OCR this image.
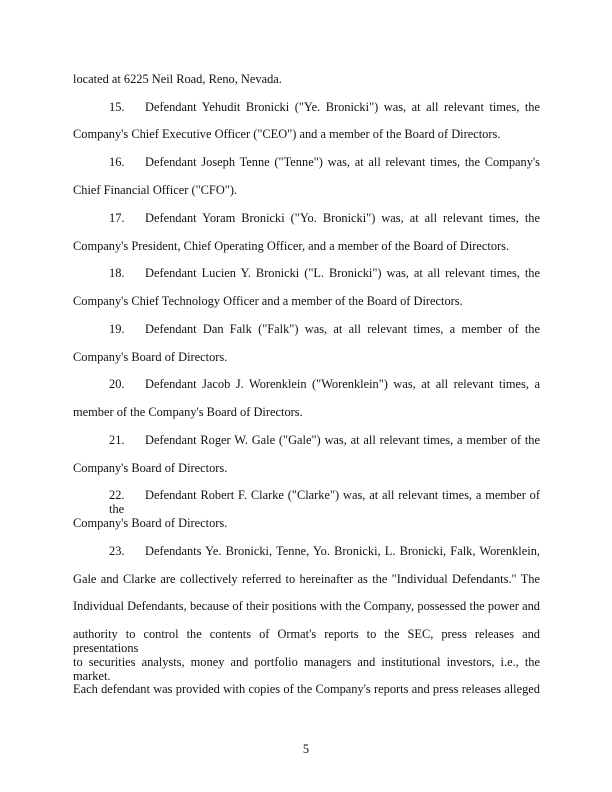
located at 6225 Neil Road, Reno, Nevada.
15. Defendant Yehudit Bronicki ("Ye. Bronicki") was, at all relevant times, the
Company's Chief Executive Officer ("CEO") and a member of the Board of Directors.
16. Defendant Joseph Tenne ("Tenne") was, at all relevant times, the Company's
Chief Financial Officer ("CFO").
17. Defendant Yoram Bronicki ("Yo. Bronicki") was, at all relevant times, the
Company's President, Chief Operating Officer, and a member of the Board of Directors.
18. Defendant Lucien Y. Bronicki ("L. Bronicki") was, at all relevant times, the
Company's Chief Technology Officer and a member of the Board of Directors.
19. Defendant Dan Falk ("Falk") was, at all relevant times, a member of the
Company's Board of Directors.
20. Defendant Jacob J. Worenklein ("Worenklein") was, at all relevant times, a
member of the Company's Board of Directors.
21. Defendant Roger W. Gale ("Gale") was, at all relevant times, a member of the
Company's Board of Directors.
22. Defendant Robert F. Clarke ("Clarke") was, at all relevant times, a member of the
Company's Board of Directors.
23. Defendants Ye. Bronicki, Tenne, Yo. Bronicki, L. Bronicki, Falk, Worenklein,
Gale and Clarke are collectively referred to hereinafter as the "Individual Defendants." The
Individual Defendants, because of their positions with the Company, possessed the power and
authority to control the contents of Ormat's reports to the SEC, press releases and presentations
to securities analysts, money and portfolio managers and institutional investors, i.e., the market.
Each defendant was provided with copies of the Company's reports and press releases alleged
5
